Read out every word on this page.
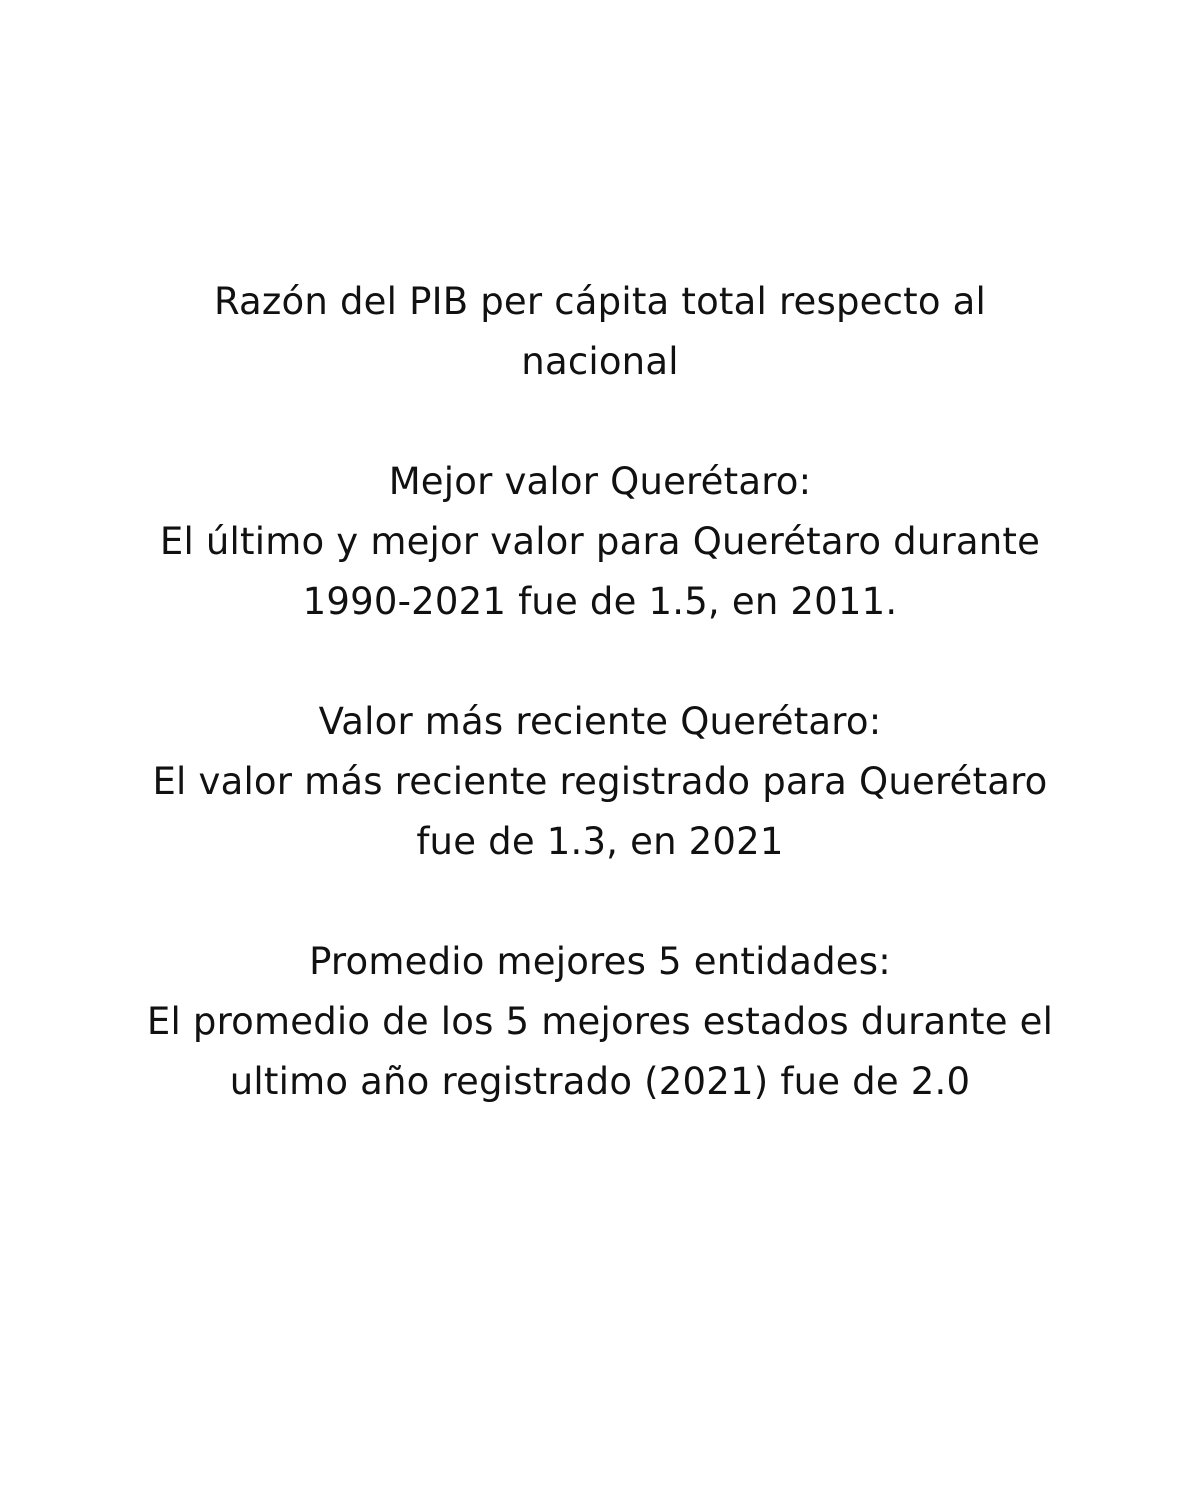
Razón del PIB per cápita total respecto al
nacional
Mejor valor Querétaro:
El último y mejor valor para Querétaro durante
1990-2021 fue de 1.5, en 2011.
Valor más reciente Querétaro:
El valor más reciente registrado para Querétaro
fue de 1.3, en 2021
Promedio mejores 5 entidades:
El promedio de los 5 mejores estados durante el
ultimo año registrado (2021) fue de 2.0
